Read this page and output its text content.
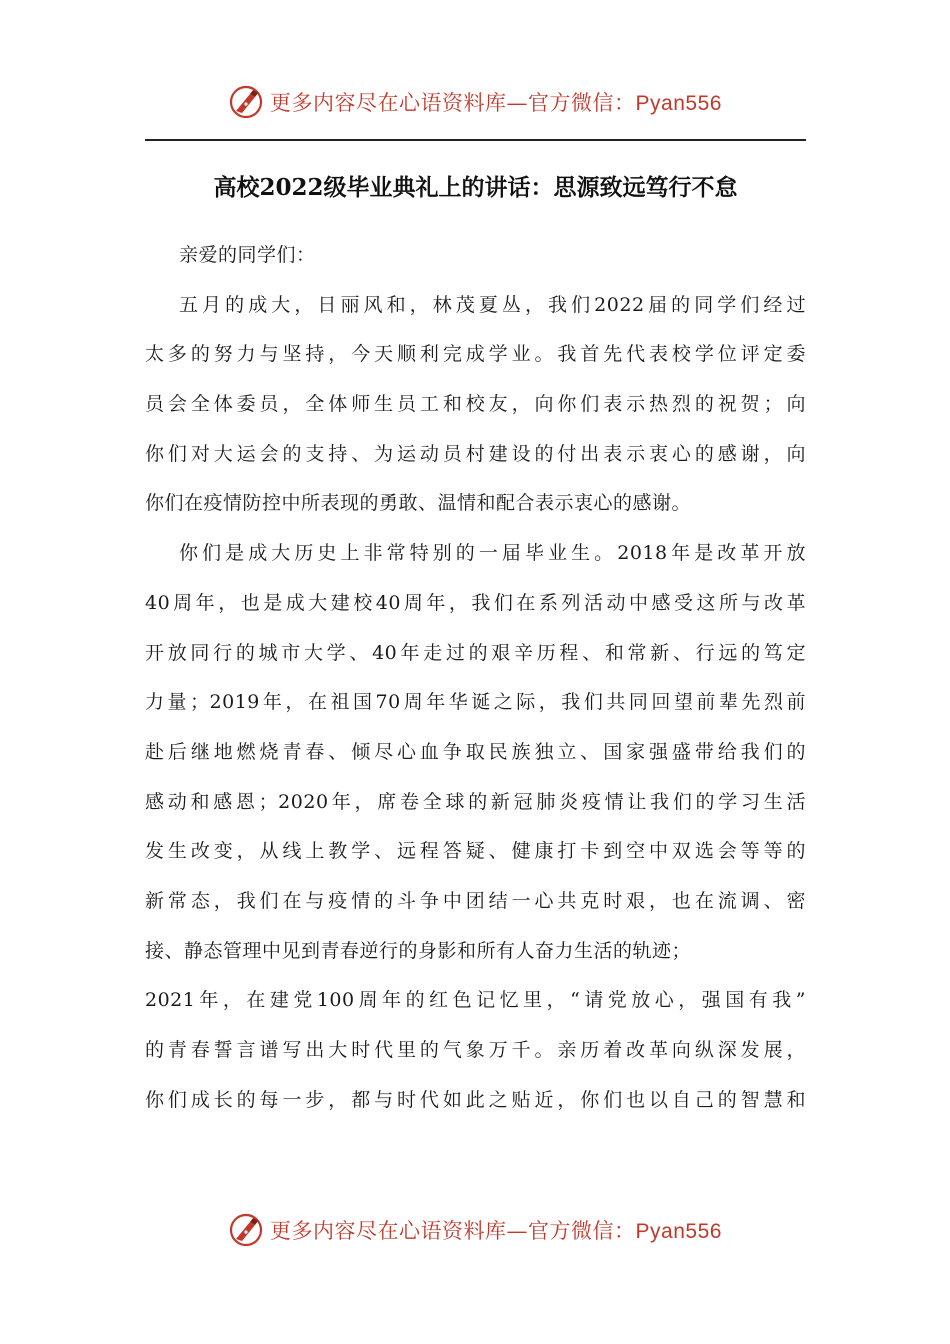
更多内容尽在心语资料库—官方微信：Pyan556
高校2022级毕业典礼上的讲话：思源致远笃行不怠
亲爱的同学们：
五月的成大，日丽风和，林茂夏丛，我们2022届的同学们经过
太多的努力与坚持，今天顺利完成学业。我首先代表校学位评定委
员会全体委员，全体师生员工和校友，向你们表示热烈的祝贺；向
你们对大运会的支持、为运动员村建设的付出表示衷心的感谢，向
你们在疫情防控中所表现的勇敢、温情和配合表示衷心的感谢。
你们是成大历史上非常特别的一届毕业生。2018年是改革开放
40周年，也是成大建校40周年，我们在系列活动中感受这所与改革
开放同行的城市大学、40年走过的艰辛历程、和常新、行远的笃定
力量；2019年，在祖国70周年华诞之际，我们共同回望前辈先烈前
赴后继地燃烧青春、倾尽心血争取民族独立、国家强盛带给我们的
感动和感恩；2020年，席卷全球的新冠肺炎疫情让我们的学习生活
发生改变，从线上教学、远程答疑、健康打卡到空中双选会等等的
新常态，我们在与疫情的斗争中团结一心共克时艰，也在流调、密
接、静态管理中见到青春逆行的身影和所有人奋力生活的轨迹；
2021年，在建党100周年的红色记忆里，“请党放心，强国有我”
的青春誓言谱写出大时代里的气象万千。亲历着改革向纵深发展，
你们成长的每一步，都与时代如此之贴近，你们也以自己的智慧和
更多内容尽在心语资料库—官方微信：Pyan556
